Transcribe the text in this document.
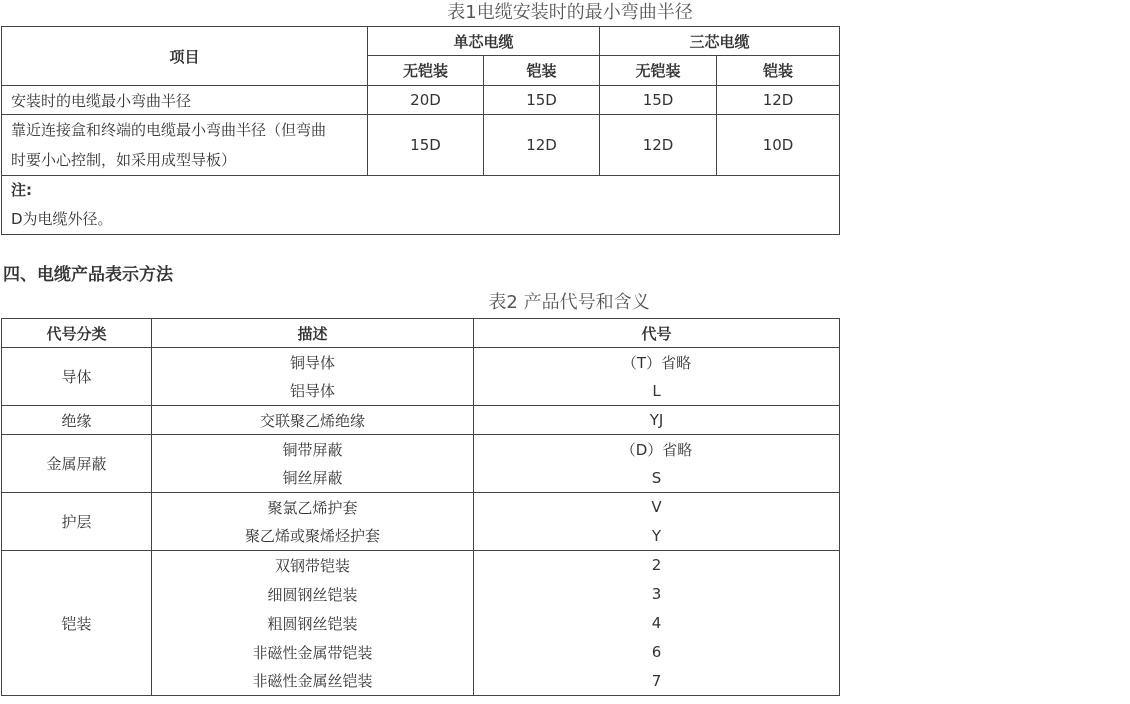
表1电缆安装时的最小弯曲半径
项目	单芯电缆		三芯电缆	
	无铠装	铠装	无铠装	铠装
安装时的电缆最小弯曲半径	20D	15D	15D	12D

靠近连接盒和终端的电缆最小弯曲半径（但弯曲
时要小心控制，如采用成型导板）	15D	12D	12D	10D

注:
D为电缆外径。				
四、电缆产品表示方法
表2 产品代号和含义
代号分类	描述	代号
导体	铜导体	（T）省略
	铝导体	L
绝缘	交联聚乙烯绝缘	YJ
金属屏蔽	铜带屏蔽	（D）省略
	铜丝屏蔽	S
护层	聚氯乙烯护套	V
	聚乙烯或聚烯烃护套	Y
铠装	双钢带铠装	2
	细圆钢丝铠装	3
	粗圆钢丝铠装	4
	非磁性金属带铠装	6
	非磁性金属丝铠装	7
